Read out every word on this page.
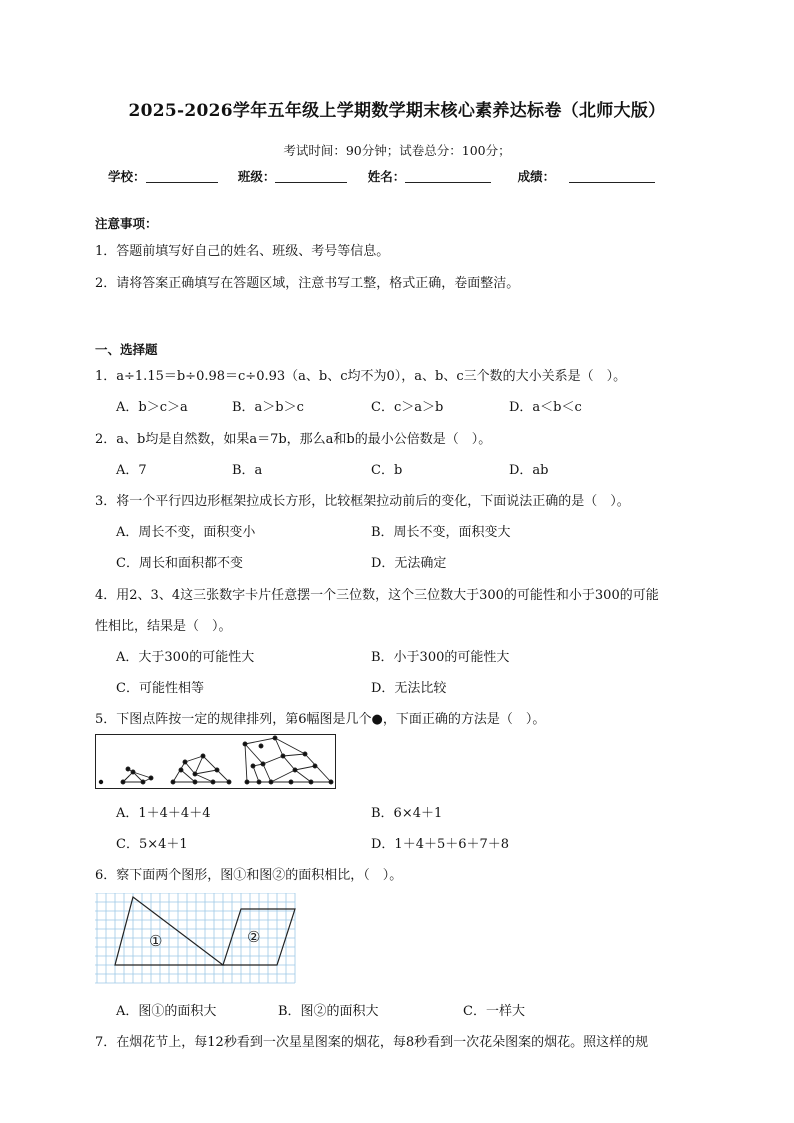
2025-2026学年五年级上学期数学期末核心素养达标卷（北师大版）
考试时间：90分钟；试卷总分：100分；
学校：	班级：	姓名：	成绩：
注意事项：
1．答题前填写好自己的姓名、班级、考号等信息。
2．请将答案正确填写在答题区域，注意书写工整，格式正确，卷面整洁。
一、选择题
1．a÷1.15＝b÷0.98＝c÷0.93（a、b、c均不为0），a、b、c三个数的大小关系是（　）。
A．b＞c＞a	B．a＞b＞c	C．c＞a＞b	D．a＜b＜c
2．a、b均是自然数，如果a＝7b，那么a和b的最小公倍数是（　）。
A．7	B．a	C．b	D．ab
3．将一个平行四边形框架拉成长方形，比较框架拉动前后的变化，下面说法正确的是（　）。
A．周长不变，面积变小	B．周长不变，面积变大
C．周长和面积都不变	D．无法确定
4．用2、3、4这三张数字卡片任意摆一个三位数，这个三位数大于300的可能性和小于300的可能
性相比，结果是（　）。
A．大于300的可能性大	B．小于300的可能性大
C．可能性相等	D．无法比较
5．下图点阵按一定的规律排列，第6幅图是几个●，下面正确的方法是（　）。
A．1＋4＋4＋4	B．6×4＋1
C．5×4＋1	D．1＋4＋5＋6＋7＋8
6．察下面两个图形，图①和图②的面积相比，（　）。
①	②
A．图①的面积大	B．图②的面积大	C．一样大
7．在烟花节上，每12秒看到一次星星图案的烟花，每8秒看到一次花朵图案的烟花。照这样的规
